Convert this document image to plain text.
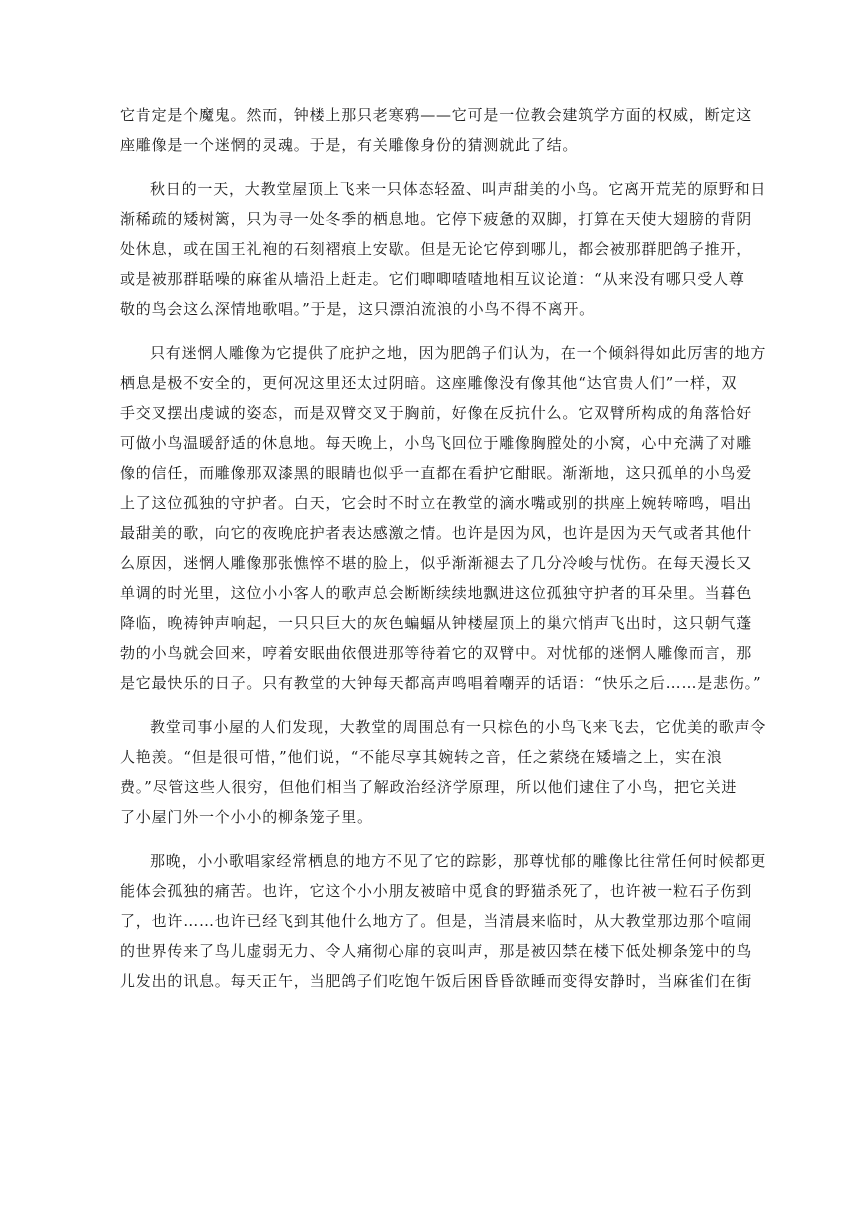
它肯定是个魔鬼。然而，钟楼上那只老寒鸦——它可是一位教会建筑学方面的权威，断定这
座雕像是一个迷惘的灵魂。于是，有关雕像身份的猜测就此了结。
秋日的一天，大教堂屋顶上飞来一只体态轻盈、叫声甜美的小鸟。它离开荒芜的原野和日
渐稀疏的矮树篱，只为寻一处冬季的栖息地。它停下疲惫的双脚，打算在天使大翅膀的背阴
处休息，或在国王礼袍的石刻褶痕上安歇。但是无论它停到哪儿，都会被那群肥鸽子推开，
或是被那群聒噪的麻雀从墙沿上赶走。它们唧唧喳喳地相互议论道：“从来没有哪只受人尊
敬的鸟会这么深情地歌唱。”于是，这只漂泊流浪的小鸟不得不离开。
只有迷惘人雕像为它提供了庇护之地，因为肥鸽子们认为，在一个倾斜得如此厉害的地方
栖息是极不安全的，更何况这里还太过阴暗。这座雕像没有像其他“达官贵人们”一样，双
手交叉摆出虔诚的姿态，而是双臂交叉于胸前，好像在反抗什么。它双臂所构成的角落恰好
可做小鸟温暖舒适的休息地。每天晚上，小鸟飞回位于雕像胸膛处的小窝，心中充满了对雕
像的信任，而雕像那双漆黑的眼睛也似乎一直都在看护它酣眠。渐渐地，这只孤单的小鸟爱
上了这位孤独的守护者。白天，它会时不时立在教堂的滴水嘴或别的拱座上婉转啼鸣，唱出
最甜美的歌，向它的夜晚庇护者表达感激之情。也许是因为风，也许是因为天气或者其他什
么原因，迷惘人雕像那张憔悴不堪的脸上，似乎渐渐褪去了几分冷峻与忧伤。在每天漫长又
单调的时光里，这位小小客人的歌声总会断断续续地飘进这位孤独守护者的耳朵里。当暮色
降临，晚祷钟声响起，一只只巨大的灰色蝙蝠从钟楼屋顶上的巢穴悄声飞出时，这只朝气蓬
勃的小鸟就会回来，哼着安眠曲依偎进那等待着它的双臂中。对忧郁的迷惘人雕像而言，那
是它最快乐的日子。只有教堂的大钟每天都高声鸣唱着嘲弄的话语：“快乐之后……是悲伤。”
教堂司事小屋的人们发现，大教堂的周围总有一只棕色的小鸟飞来飞去，它优美的歌声令
人艳羡。“但是很可惜，”他们说，“不能尽享其婉转之音，任之萦绕在矮墙之上，实在浪
费。”尽管这些人很穷，但他们相当了解政治经济学原理，所以他们逮住了小鸟，把它关进
了小屋门外一个小小的柳条笼子里。
那晚，小小歌唱家经常栖息的地方不见了它的踪影，那尊忧郁的雕像比往常任何时候都更
能体会孤独的痛苦。也许，它这个小小朋友被暗中觅食的野猫杀死了，也许被一粒石子伤到
了，也许……也许已经飞到其他什么地方了。但是，当清晨来临时，从大教堂那边那个喧闹
的世界传来了鸟儿虚弱无力、令人痛彻心扉的哀叫声，那是被囚禁在楼下低处柳条笼中的鸟
儿发出的讯息。每天正午，当肥鸽子们吃饱午饭后困昏昏欲睡而变得安静时，当麻雀们在街
